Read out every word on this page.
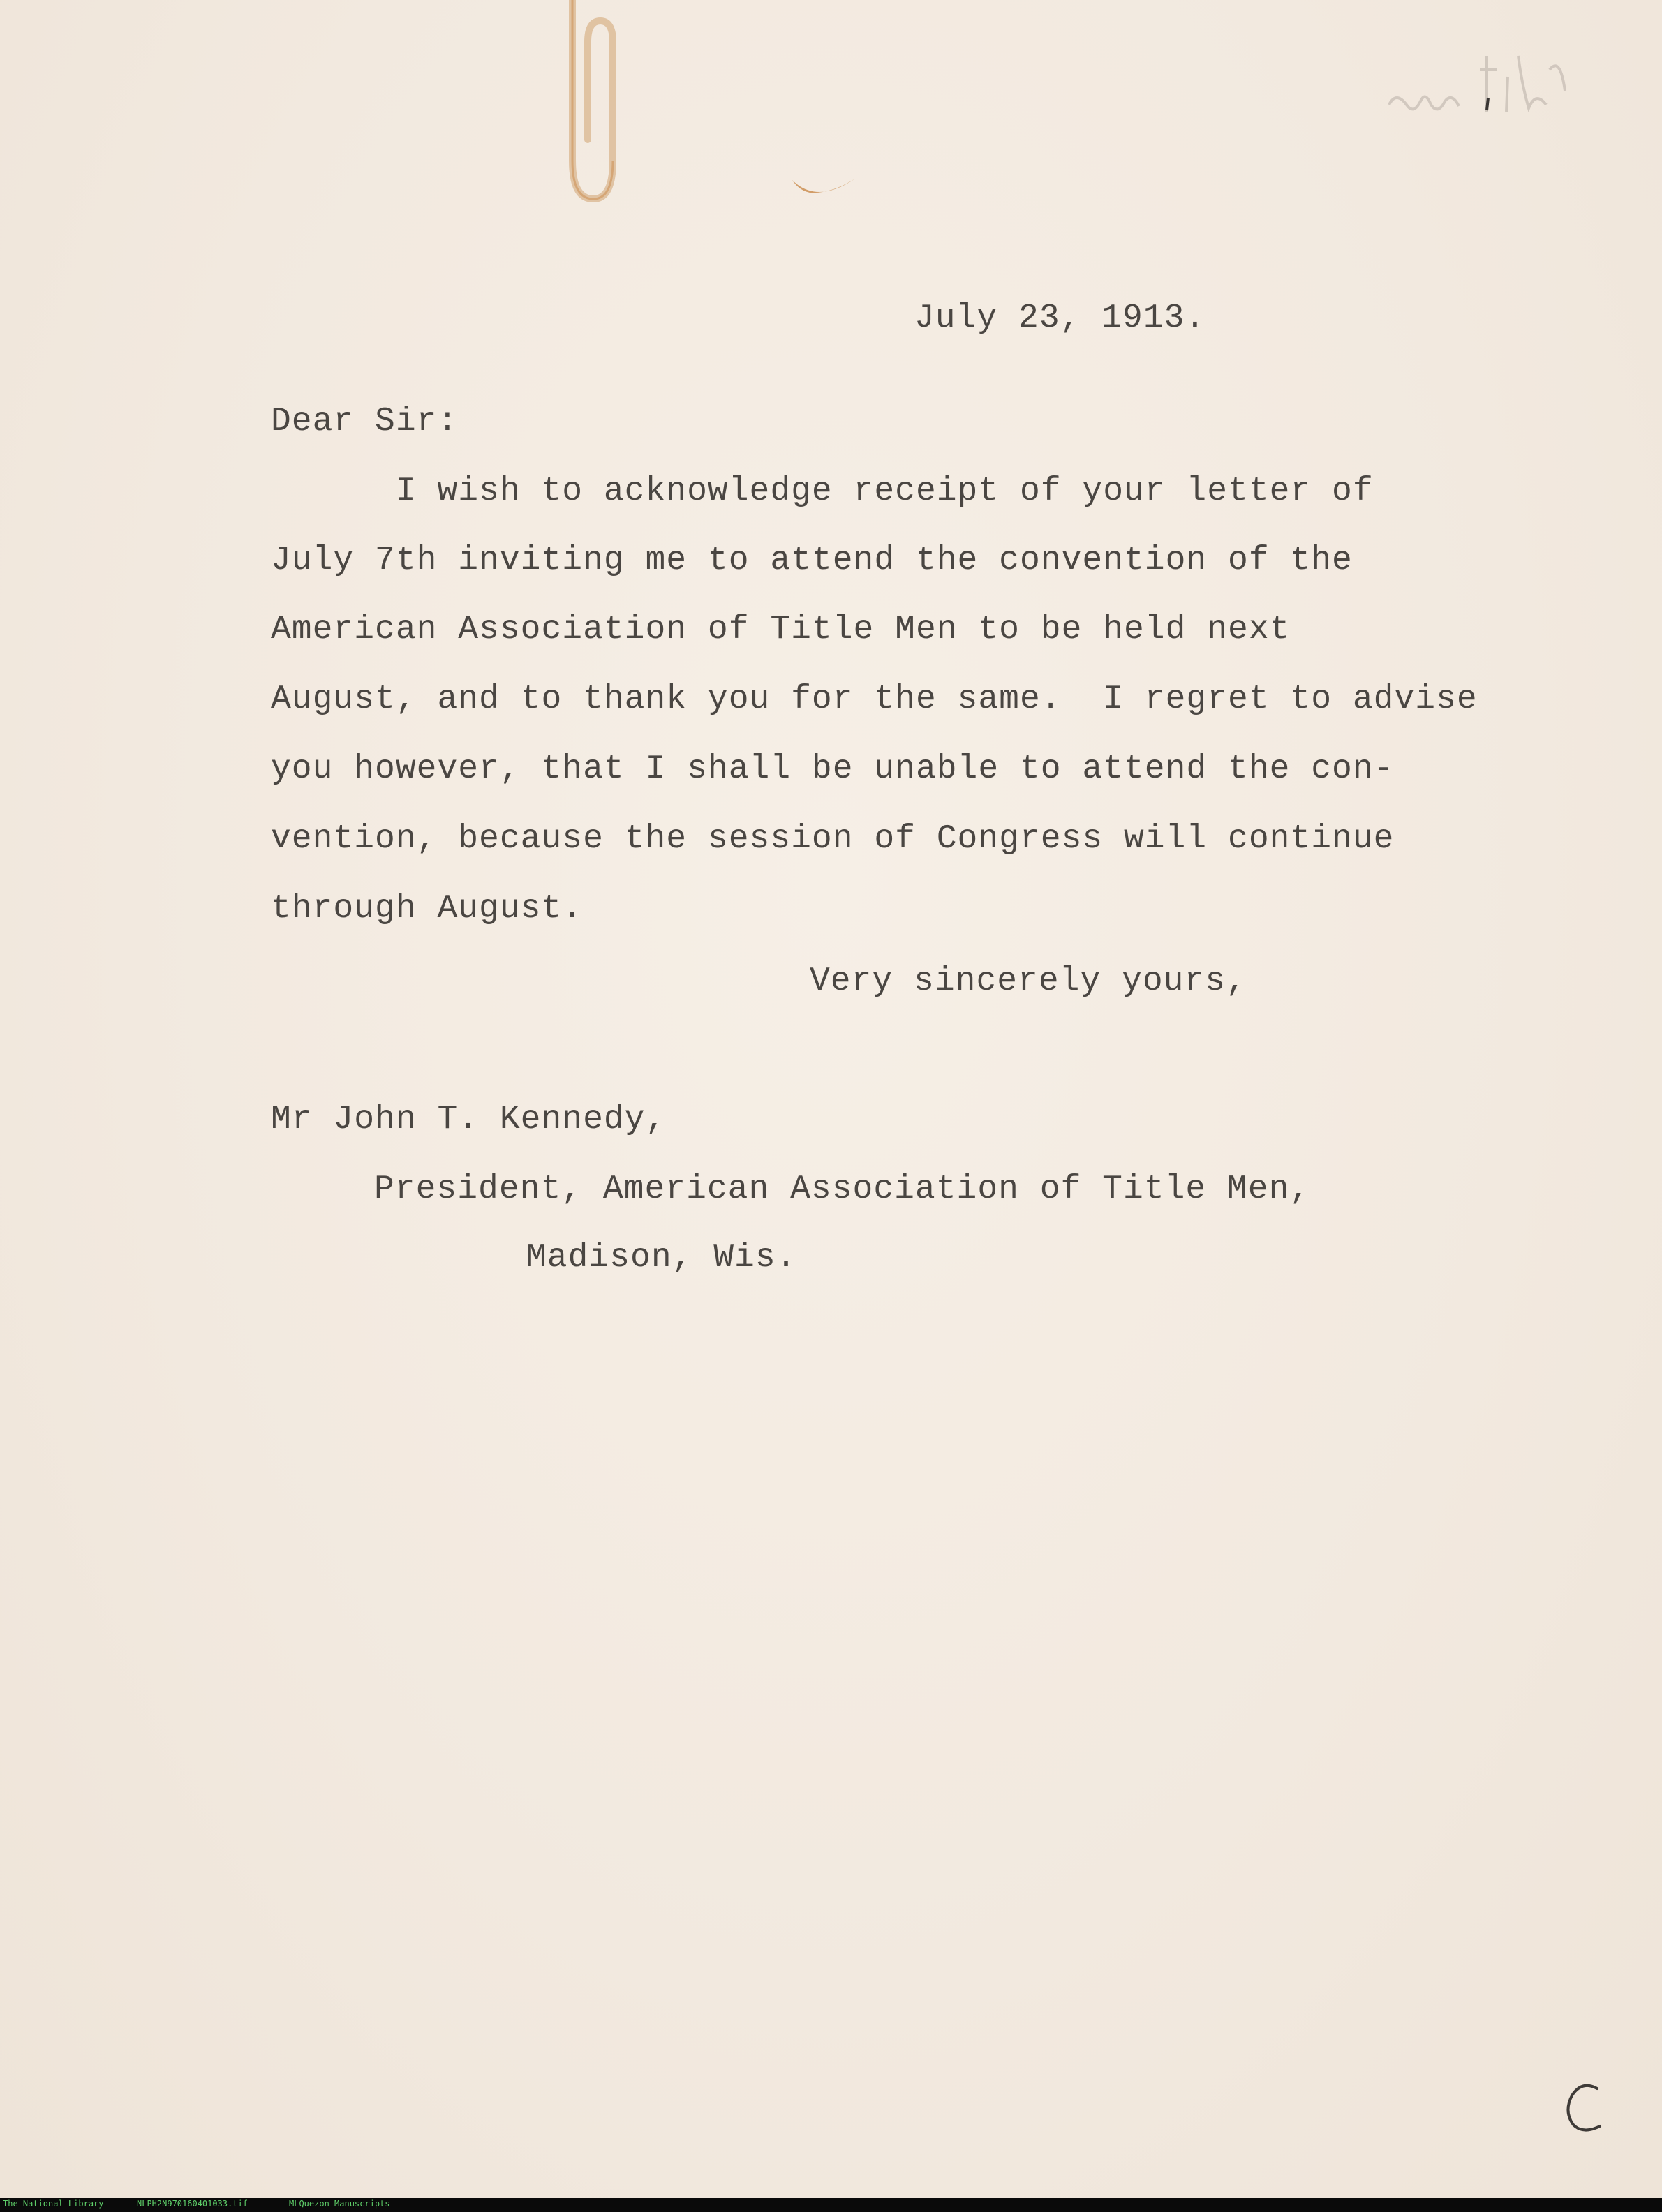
July 23, 1913.
Dear Sir:

I wish to acknowledge receipt of your letter of

July 7th inviting me to attend the convention of the

American Association of Title Men to be held next

August, and to thank you for the same.  I regret to advise

you however, that I shall be unable to attend the con-

vention, because the session of Congress will continue

through August.

Very sincerely yours,
Mr John T. Kennedy,
President, American Association of Title Men,
Madison, Wis.
The National Library	NLPH2N970160401033.tif	MLQuezon Manuscripts
